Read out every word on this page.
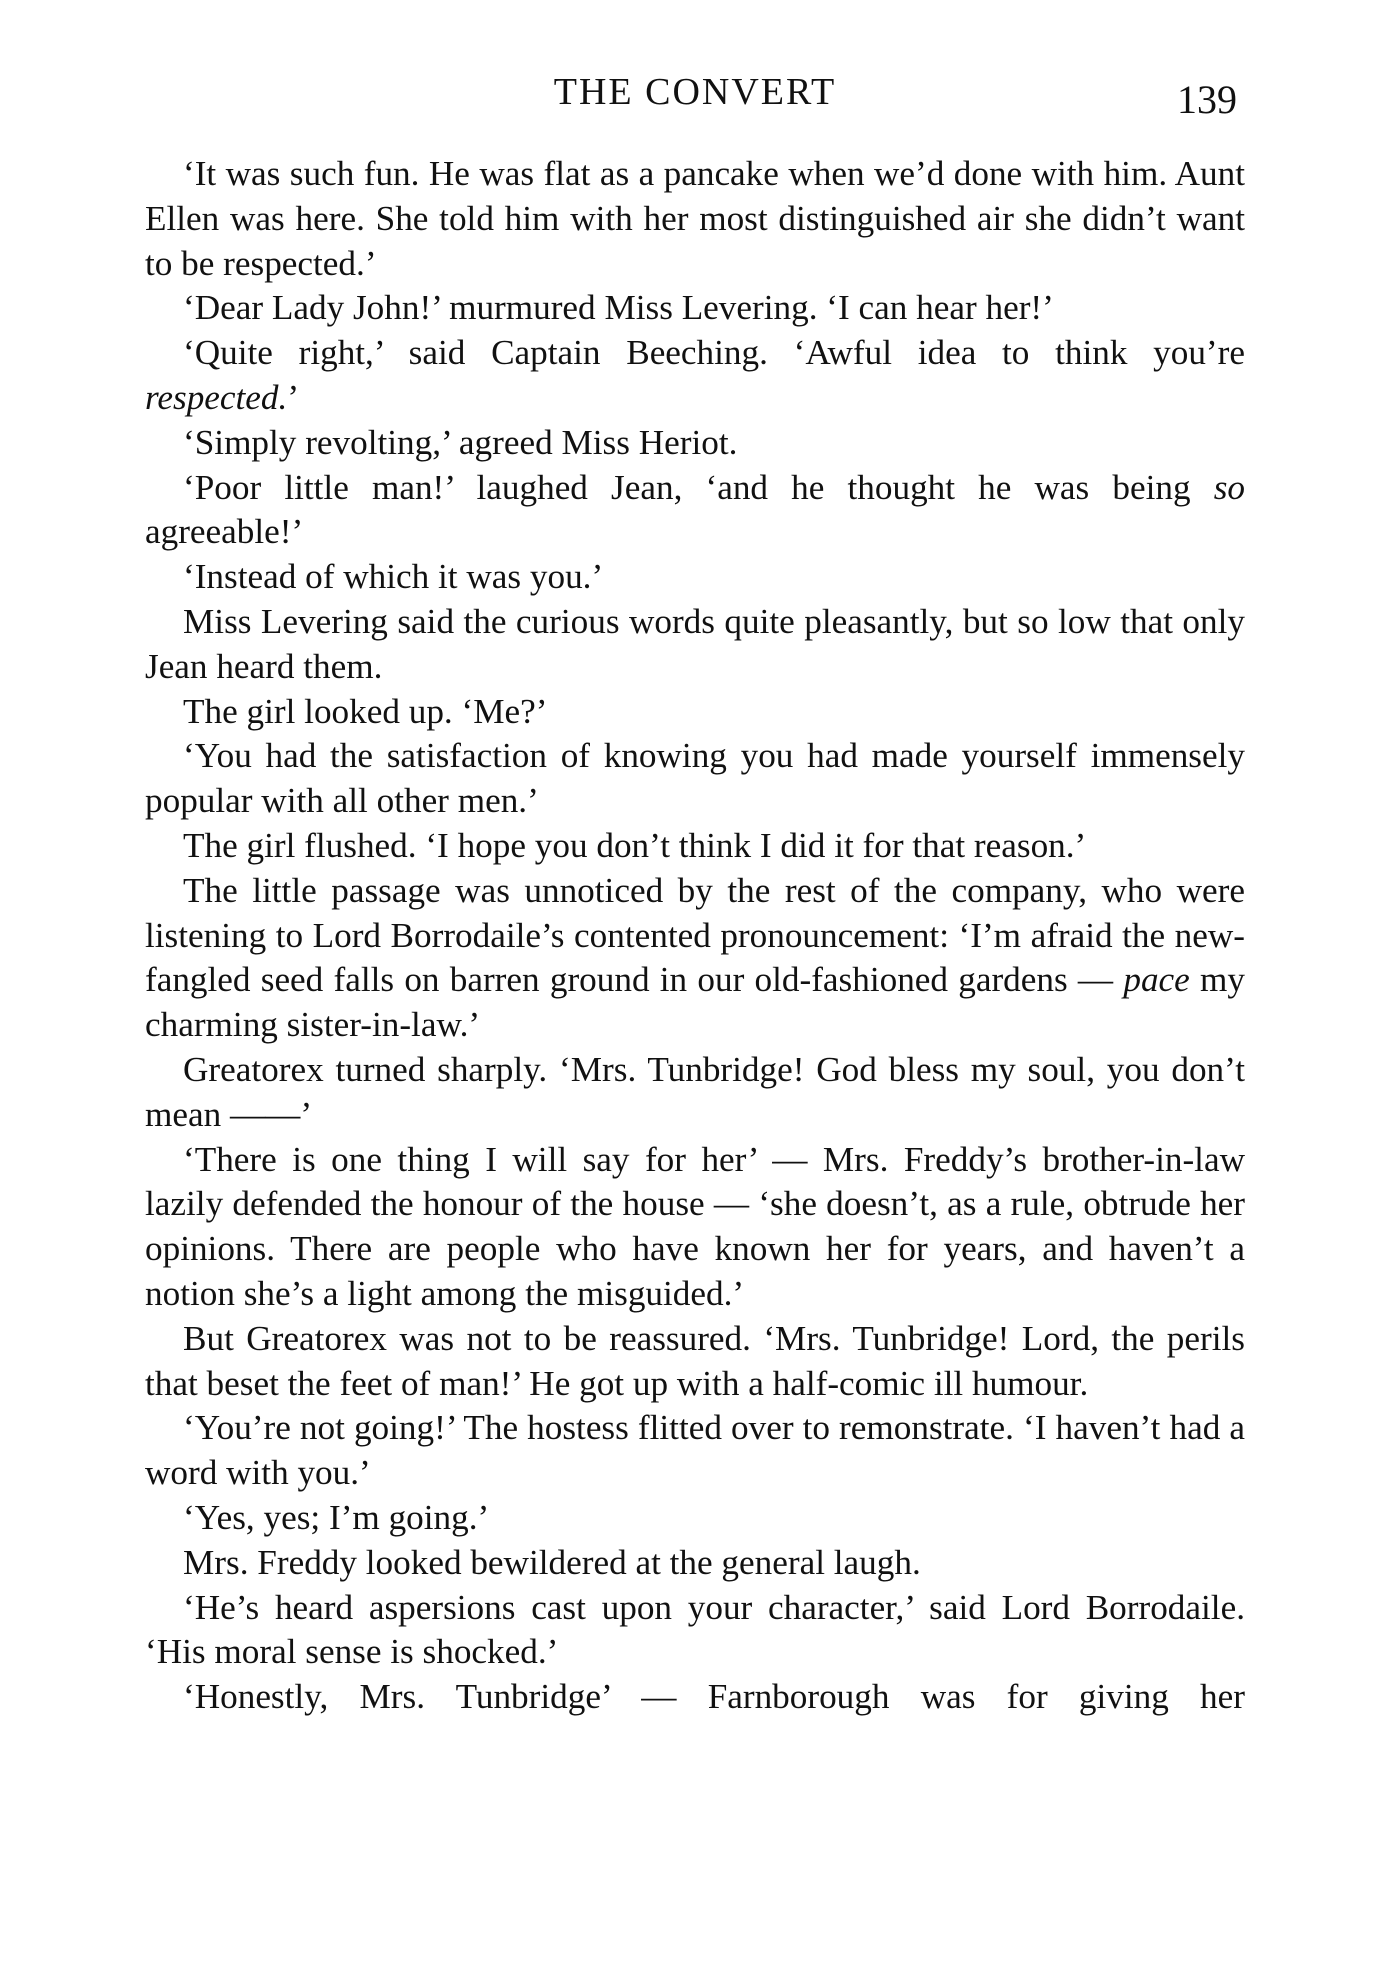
THE CONVERT	139

‘It was such fun. He was flat as a pancake when we’d done with him. Aunt Ellen was here. She told him with her most distinguished air she didn’t want to be respected.’

‘Dear Lady John!’ murmured Miss Levering. ‘I can hear her!’

‘Quite right,’ said Captain Beeching. ‘Awful idea to think you’re respected.’

‘Simply revolting,’ agreed Miss Heriot.

‘Poor little man!’ laughed Jean, ‘and he thought he was being so agreeable!’

‘Instead of which it was you.’

Miss Levering said the curious words quite pleasantly, but so low that only Jean heard them.

The girl looked up. ‘Me?’

‘You had the satisfaction of knowing you had made yourself immensely popular with all other men.’

The girl flushed. ‘I hope you don’t think I did it for that reason.’

The little passage was unnoticed by the rest of the company, who were listening to Lord Borrodaile’s contented pronouncement: ‘I’m afraid the new-fangled seed falls on barren ground in our old-fashioned gardens — pace my charming sister-in-law.’

Greatorex turned sharply. ‘Mrs. Tunbridge! God bless my soul, you don’t mean ——’

‘There is one thing I will say for her’ — Mrs. Freddy’s brother-in-law lazily defended the honour of the house — ‘she doesn’t, as a rule, obtrude her opinions. There are people who have known her for years, and haven’t a notion she’s a light among the misguided.’

But Greatorex was not to be reassured. ‘Mrs. Tunbridge! Lord, the perils that beset the feet of man!’ He got up with a half-comic ill humour.

‘You’re not going!’ The hostess flitted over to remonstrate. ‘I haven’t had a word with you.’

‘Yes, yes; I’m going.’

Mrs. Freddy looked bewildered at the general laugh.

‘He’s heard aspersions cast upon your character,’ said Lord Borrodaile. ‘His moral sense is shocked.’

‘Honestly, Mrs. Tunbridge’ — Farnborough was for giving her
